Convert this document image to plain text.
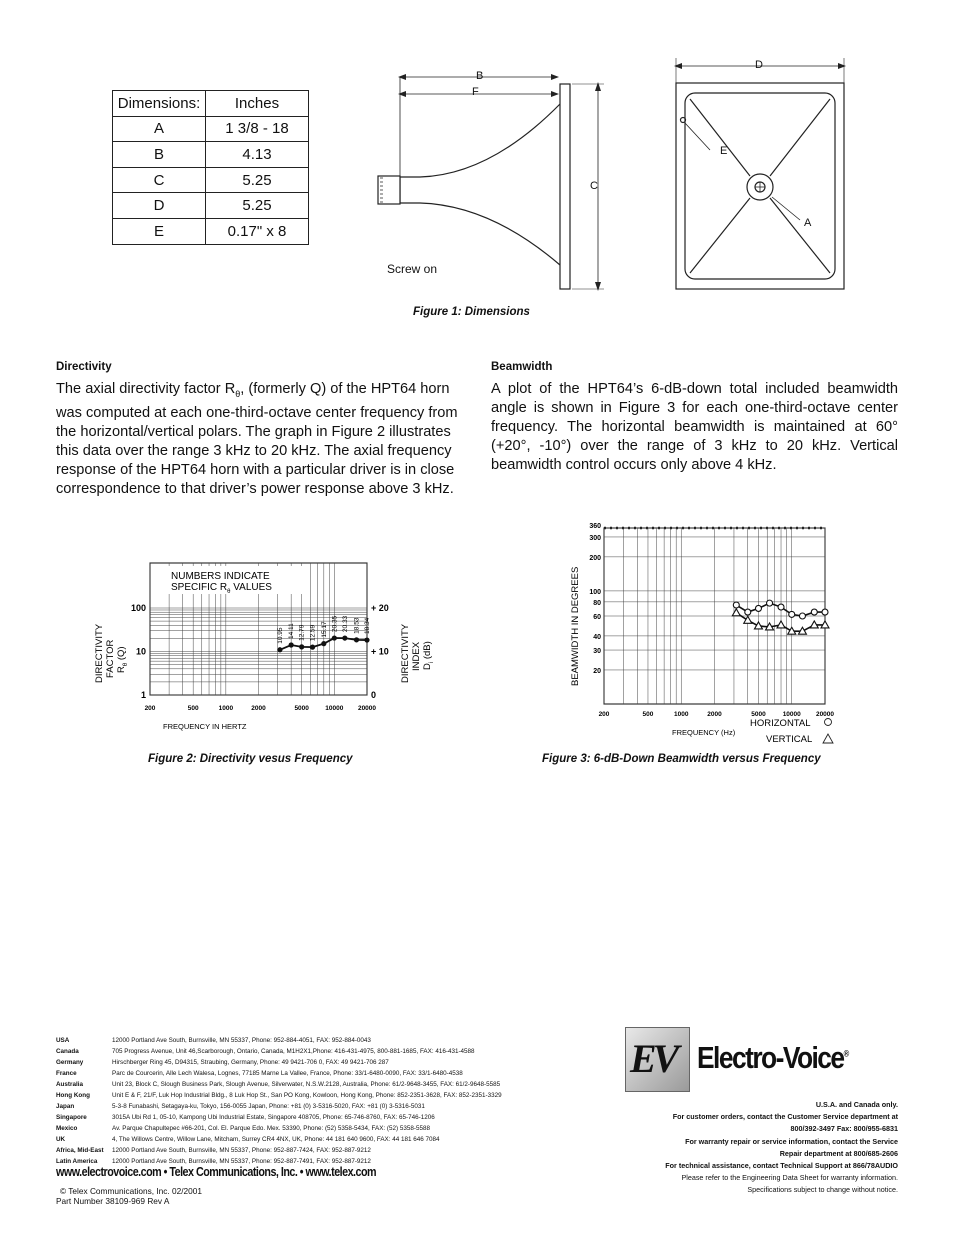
Dimensions:	Inches
A	1 3/8 - 18
B	4.13
C	5.25
D	5.25
E	0.17" x 8
B
F
C
D
E
A
Screw on
Figure 1: Dimensions
Directivity
The axial directivity factor $R_\theta$, (formerly Q) of the HPT64 horn was computed at each one-third-octave center frequency from the horizontal/vertical polars. The graph in Figure 2 illustrates this data over the range 3 kHz to 20 kHz. The axial frequency response of the HPT64 horn with a particular driver is in close correspondence to that driver’s power response above 3 kHz.
Beamwidth
A plot of the HPT64’s 6-dB-down total included beamwidth angle is shown in Figure 3 for each one-third-octave center frequency. The horizontal beamwidth is maintained at 60° (+20°, -10°) over the range of 3 kHz to 20 kHz. Vertical beamwidth control occurs only above 4 kHz.
200	500	1000	2000	5000	10000 20000
1
10
100
0
+ 10
+ 20
10.95 14.11 12.79 12.59 15.17 20.35 20.33 18.53 18.34
NUMBERS INDICATE
SPECIFIC $R_\theta$ VALUES
DIRECTIVITY FACTOR $R_\theta$ (Q)	DIRECTIVITY INDEX $D_i$ (dB)
FREQUENCY IN HERTZ
Figure 2: Directivity vesus Frequency
200	500	1000	2000	5000	10000 20000
20
30
40
60
80
100
200
300
360
BEAMWIDTH IN DEGREES
FREQUENCY (Hz)
HORIZONTAL
VERTICAL
Figure 3: 6-dB-Down Beamwidth versus Frequency
USA	12000 Portland Ave South, Burnsville, MN 55337, Phone: 952-884-4051, FAX: 952-884-0043
Canada	705 Progress Avenue, Unit 46,Scarborough, Ontario, Canada, M1H2X1,Phone: 416-431-4975, 800-881-1685, FAX: 416-431-4588
Germany	Hirschberger Ring 45, D94315, Straubing, Germany, Phone: 49 9421-706 0, FAX: 49 9421-706 287
France	Parc de Courcerin, Alle Lech Walesa, Lognes, 77185 Marne La Vallee, France, Phone: 33/1-6480-0090, FAX: 33/1-6480-4538
Australia	Unit 23, Block C, Slough Business Park, Slough Avenue, Silverwater, N.S.W.2128, Australia, Phone: 61/2-9648-3455, FAX: 61/2-9648-5585
Hong Kong	Unit E & F, 21/F, Luk Hop Industrial Bldg., 8 Luk Hop St., San PO Kong, Kowloon, Hong Kong, Phone: 852-2351-3628, FAX: 852-2351-3329
Japan	5-3-8 Funabashi, Setagaya-ku, Tokyo, 156-0055 Japan, Phone: +81 (0) 3-5316-5020, FAX: +81 (0) 3-5316-5031
Singapore	3015A Ubi Rd 1, 05-10, Kampong Ubi Industrial Estate, Singapore 408705, Phone: 65-746-8760, FAX: 65-746-1206
Mexico	Av. Parque Chapultepec #66-201, Col. El. Parque Edo. Mex. 53390, Phone: (52) 5358-5434, FAX: (52) 5358-5588
UK	4, The Willows Centre, Willow Lane, Mitcham, Surrey CR4 4NX, UK, Phone: 44 181 640 9600, FAX: 44 181 646 7084
Africa, Mid-East	12000 Portland Ave South, Burnsville, MN 55337, Phone: 952-887-7424, FAX: 952-887-9212
Latin America	12000 Portland Ave South, Burnsville, MN 55337, Phone: 952-887-7491, FAX: 952-887-9212
www.electrovoice.com • Telex Communications, Inc. • www.telex.com
© Telex Communications, Inc. 02/2001
Part Number 38109-969 Rev A
EV Electro-Voice®
U.S.A. and Canada only.
For customer orders, contact the Customer Service department at
800/392-3497 Fax: 800/955-6831
For warranty repair or service information, contact the Service
Repair department at 800/685-2606
For technical assistance, contact Technical Support at 866/78AUDIO
Please refer to the Engineering Data Sheet for warranty information.
Specifications subject to change without notice.
